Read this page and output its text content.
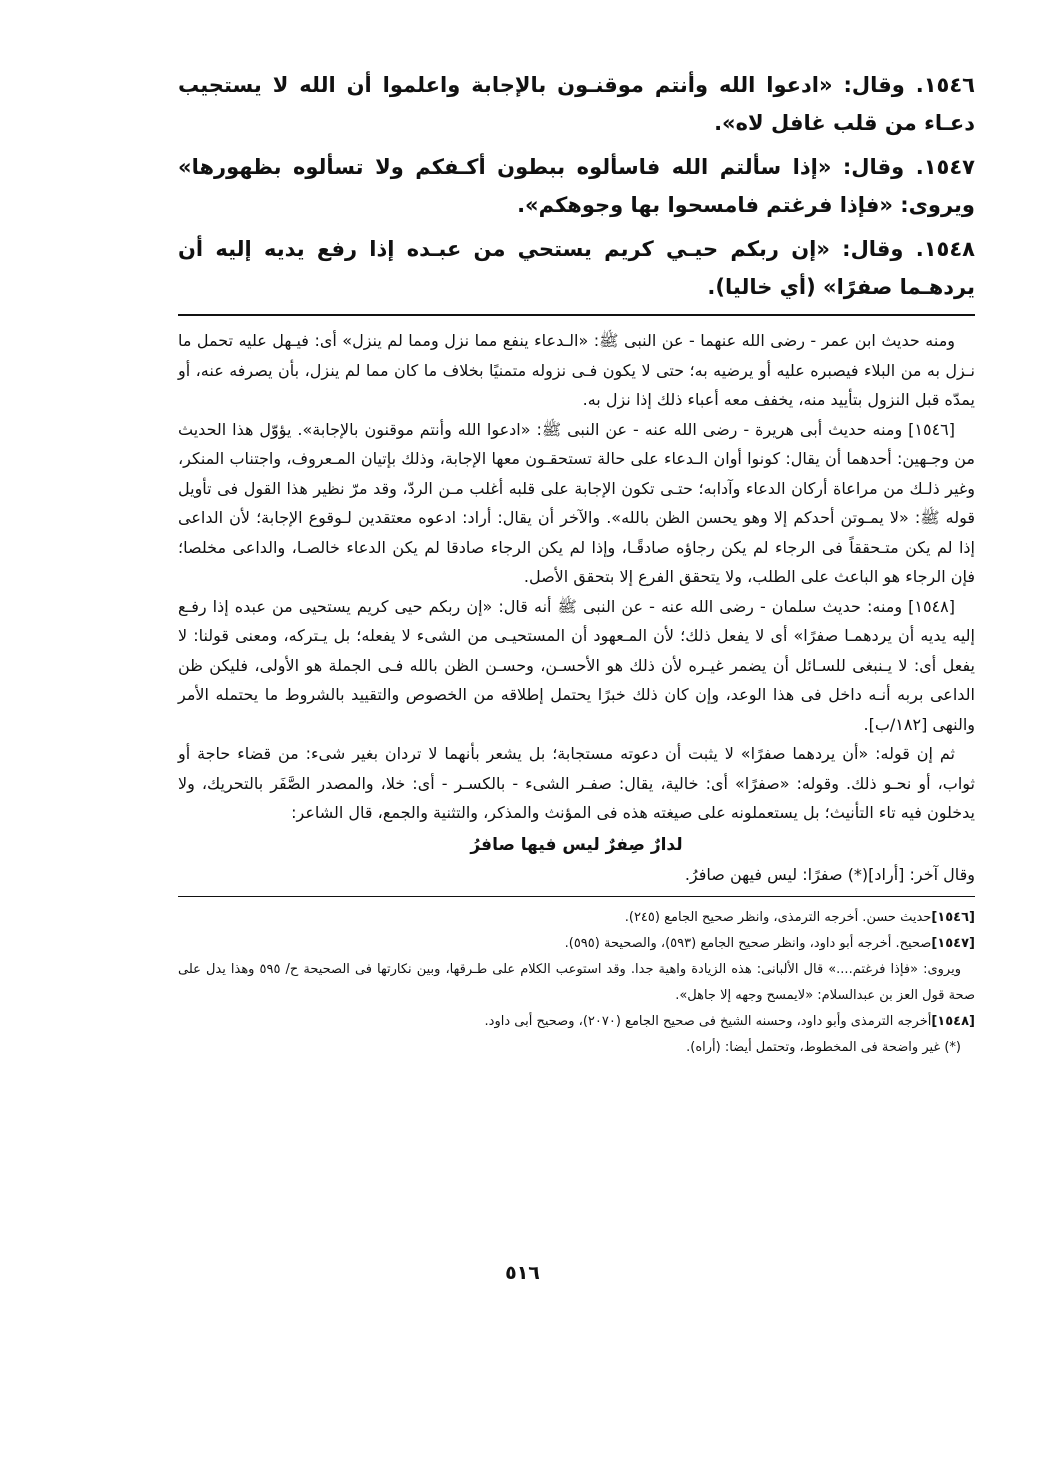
١٥٤٦. وقال: «ادعوا الله وأنتم موقنـون بالإجابة واعلموا أن الله لا يستجيب دعـاء من قلب غافل لاه».

١٥٤٧. وقال: «إذا سألتم الله فاسألوه ببطون أكـفكم ولا تسألوه بظهورها» ويروى: «فإذا فرغتم فامسحوا بها وجوهكم».

١٥٤٨. وقال: «إن ربكم حيـي كريم يستحي من عبـده إذا رفع يديه إليه أن يردهـما صفرًا» (أي خاليا).

ومنه حديث ابن عمر - رضى الله عنهما - عن النبى ﷺ: «الـدعاء ينفع مما نزل ومما لم ينزل» أى: فيـهل عليه تحمل ما نـزل به من البلاء فيصبره عليه أو يرضيه به؛ حتى لا يكون فـى نزوله متمنيًا بخلاف ما كان مما لم ينزل، بأن يصرفه عنه، أو يمدّه قبل النزول بتأييد منه، يخفف معه أعباء ذلك إذا نزل به.

[١٥٤٦] ومنه حديث أبى هريرة - رضى الله عنه - عن النبى ﷺ: «ادعوا الله وأنتم موقنون بالإجابة». يؤوّل هذا الحديث من وجـهين: أحدهما أن يقال: كونوا أوان الـدعاء على حالة تستحقـون معها الإجابة، وذلك بإتيان المـعروف، واجتناب المنكر، وغير ذلـك من مراعاة أركان الدعاء وآدابه؛ حتـى تكون الإجابة على قلبه أغلب مـن الردّ، وقد مرّ نظير هذا القول فى تأويل قوله ﷺ: «لا يمـوتن أحدكم إلا وهو يحسن الظن بالله». والآخر أن يقال: أراد: ادعوه معتقدين لـوقوع الإجابة؛ لأن الداعى إذا لم يكن متـحققاً فى الرجاء لم يكن رجاؤه صادقًـا، وإذا لم يكن الرجاء صادقا لم يكن الدعاء خالصـا، والداعى مخلصا؛ فإن الرجاء هو الباعث على الطلب، ولا يتحقق الفرع إلا بتحقق الأصل.

[١٥٤٨] ومنه: حديث سلمان - رضى الله عنه - عن النبى ﷺ أنه قال: «إن ربكم حيى كريم يستحيى من عبده إذا رفـع إليه يديه أن يردهمـا صفرًا» أى لا يفعل ذلك؛ لأن المـعهود أن المستحيـى من الشىء لا يفعله؛ بل يـتركه، ومعنى قولنا: لا يفعل أى: لا يـنبغى للسـائل أن يضمر غيـره لأن ذلك هو الأحسـن، وحسـن الظن بالله فـى الجملة هو الأولى، فليكن ظن الداعى بربه أنـه داخل فى هذا الوعد، وإن كان ذلك خبرًا يحتمل إطلاقه من الخصوص والتقييد بالشروط ما يحتمله الأمر والنهى [١٨٢/ب].

ثم إن قوله: «أن يردهما صفرًا» لا يثبت أن دعوته مستجابة؛ بل يشعر بأنهما لا تردان بغير شىء: من قضاء حاجة أو ثواب، أو نحـو ذلك. وقوله: «صفرًا» أى: خالية، يقال: صفـر الشىء - بالكسـر - أى: خلا، والمصدر الصَّفَر بالتحريك، ولا يدخلون فيه تاء التأنيث؛ بل يستعملونه على صيغته هذه فى المؤنث والمذكر، والتثنية والجمع، قال الشاعر:

لدارٌ صِفرٌ ليس فيها صافرُ

وقال آخر: [أراد](*) صفرًا: ليس فيهن صافرُ.

[١٥٤٦]حديث حسن. أخرجه الترمذى، وانظر صحيح الجامع (٢٤٥).

[١٥٤٧]صحيح. أخرجه أبو داود، وانظر صحيح الجامع (٥٩٣)، والصحيحة (٥٩٥).

ويروى: «فإذا فرغتم....» قال الألبانى: هذه الزيادة واهية جدا. وقد استوعب الكلام على طـرقها، وبين نكارتها فى الصحيحة ح/ ٥٩٥ وهذا يدل على صحة قول العز بن عبدالسلام: «لايمسح وجهه إلا جاهل».

[١٥٤٨]أخرجه الترمذى وأبو داود، وحسنه الشيخ فى صحيح الجامع (٢٠٧٠)، وصحيح أبى داود.

(*) غير واضحة فى المخطوط، وتحتمل أيضا: (أراه).

٥١٦
